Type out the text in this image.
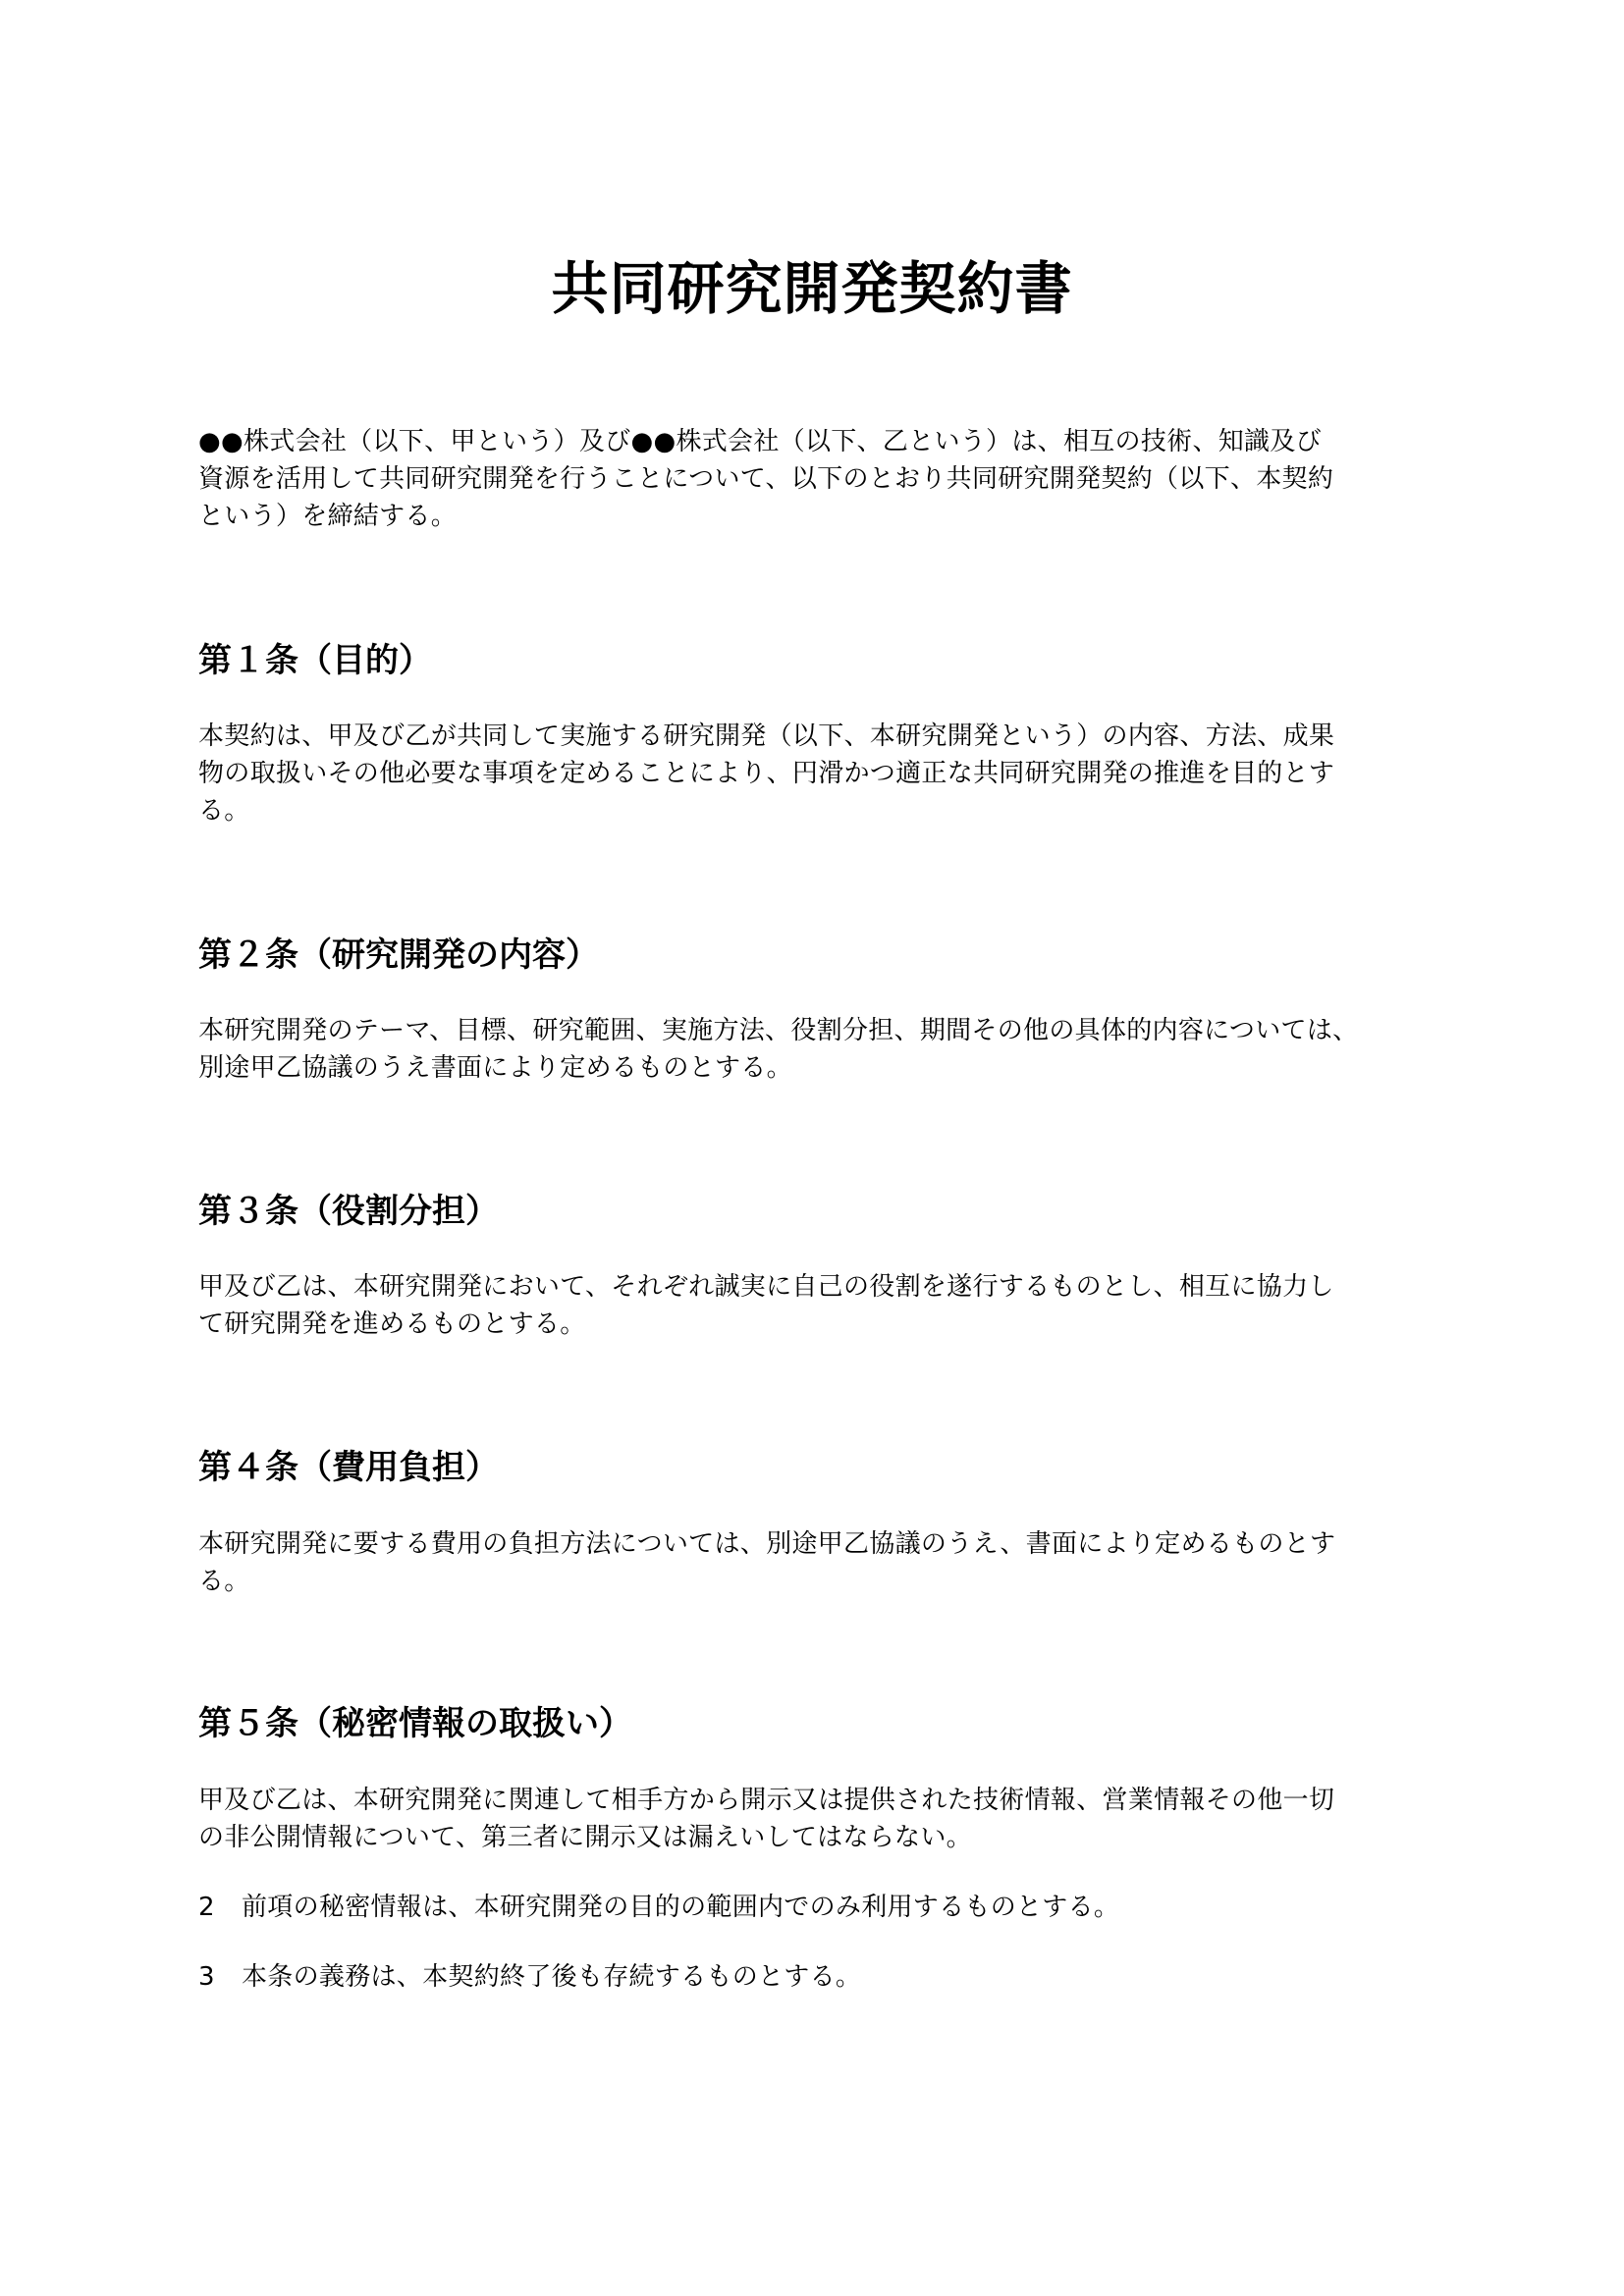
共同研究開発契約書
●●株式会社（以下、甲という）及び●●株式会社（以下、乙という）は、相互の技術、知識及び
資源を活用して共同研究開発を行うことについて、以下のとおり共同研究開発契約（以下、本契約
という）を締結する。
第１条（目的）
本契約は、甲及び乙が共同して実施する研究開発（以下、本研究開発という）の内容、方法、成果
物の取扱いその他必要な事項を定めることにより、円滑かつ適正な共同研究開発の推進を目的とす
る。
第２条（研究開発の内容）
本研究開発のテーマ、目標、研究範囲、実施方法、役割分担、期間その他の具体的内容については、
別途甲乙協議のうえ書面により定めるものとする。
第３条（役割分担）
甲及び乙は、本研究開発において、それぞれ誠実に自己の役割を遂行するものとし、相互に協力し
て研究開発を進めるものとする。
第４条（費用負担）
本研究開発に要する費用の負担方法については、別途甲乙協議のうえ、書面により定めるものとす
る。
第５条（秘密情報の取扱い）
甲及び乙は、本研究開発に関連して相手方から開示又は提供された技術情報、営業情報その他一切
の非公開情報について、第三者に開示又は漏えいしてはならない。
2 前項の秘密情報は、本研究開発の目的の範囲内でのみ利用するものとする。
3 本条の義務は、本契約終了後も存続するものとする。
